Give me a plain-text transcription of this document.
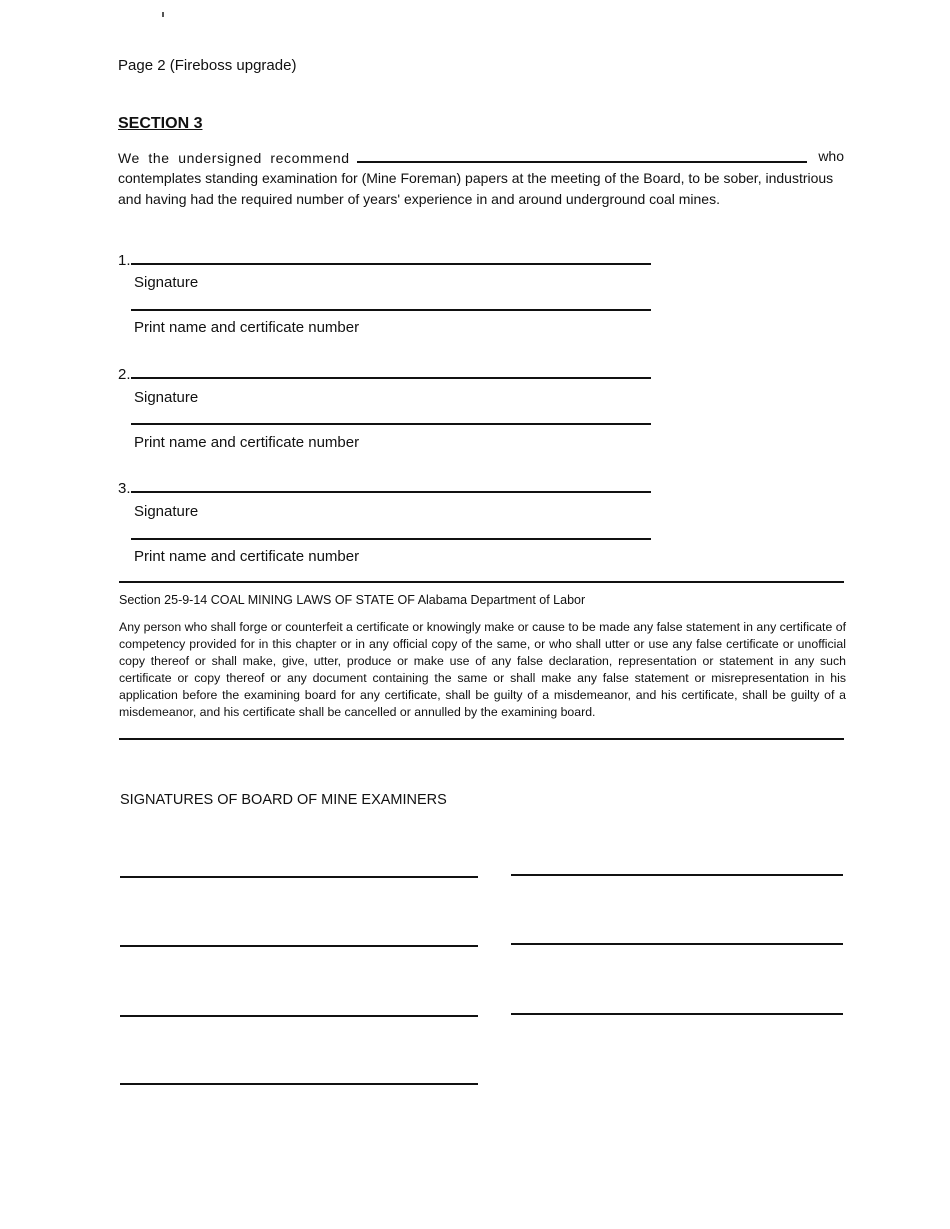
Page 2 (Fireboss upgrade)
SECTION 3
We the undersigned recommend	who
contemplates standing examination for (Mine Foreman) papers at the meeting of the Board, to be sober, industrious and having had the required number of years' experience in and around underground coal mines.
1.
Signature
Print name and certificate number
2.
Signature
Print name and certificate number
3.
Signature
Print name and certificate number
Section 25-9-14 COAL MINING LAWS OF STATE OF Alabama Department of Labor
Any person who shall forge or counterfeit a certificate or knowingly make or cause to be made any false statement in any certificate of competency provided for in this chapter or in any official copy of the same, or who shall utter or use any false certificate or unofficial copy thereof or shall make, give, utter, produce or make use of any false declaration, representation or statement in any such certificate or copy thereof or any document containing the same or shall make any false statement or misrepresentation in his application before the examining board for any certificate, shall be guilty of a misdemeanor, and his certificate, shall be guilty of a misdemeanor, and his certificate shall be cancelled or annulled by the examining board.
SIGNATURES OF BOARD OF MINE EXAMINERS
